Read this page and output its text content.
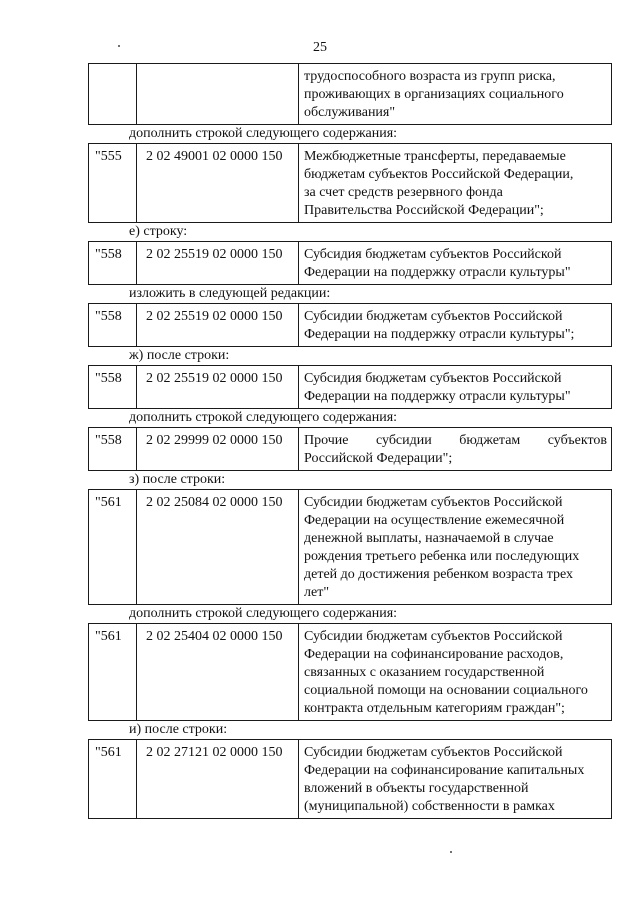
25
трудоспособного возраста из групп риска,
проживающих в организациях социального
обслуживания"

дополнить строкой следующего содержания:

"555	2 02 49001 02 0000 150	Межбюджетные трансферты, передаваемые
бюджетам субъектов Российской Федерации,
за счет средств резервного фонда
Правительства Российской Федерации";

е) строку:

"558	2 02 25519 02 0000 150	Субсидия бюджетам субъектов Российской
Федерации на поддержку отрасли культуры"

изложить в следующей редакции:

"558	2 02 25519 02 0000 150	Субсидии бюджетам субъектов Российской
Федерации на поддержку отрасли культуры";

ж) после строки:

"558	2 02 25519 02 0000 150	Субсидия бюджетам субъектов Российской
Федерации на поддержку отрасли культуры"

дополнить строкой следующего содержания:

"558	2 02 29999 02 0000 150	Прочие субсидии бюджетам субъектов Российской Федерации";

з) после строки:

"561	2 02 25084 02 0000 150	Субсидии бюджетам субъектов Российской
Федерации на осуществление ежемесячной
денежной выплаты, назначаемой в случае
рождения третьего ребенка или последующих
детей до достижения ребенком возраста трех
лет"

дополнить строкой следующего содержания:

"561	2 02 25404 02 0000 150	Субсидии бюджетам субъектов Российской
Федерации на софинансирование расходов,
связанных с оказанием государственной
социальной помощи на основании социального
контракта отдельным категориям граждан";

и) после строки:

"561	2 02 27121 02 0000 150	Субсидии бюджетам субъектов Российской
Федерации на софинансирование капитальных
вложений в объекты государственной
(муниципальной) собственности в рамках
